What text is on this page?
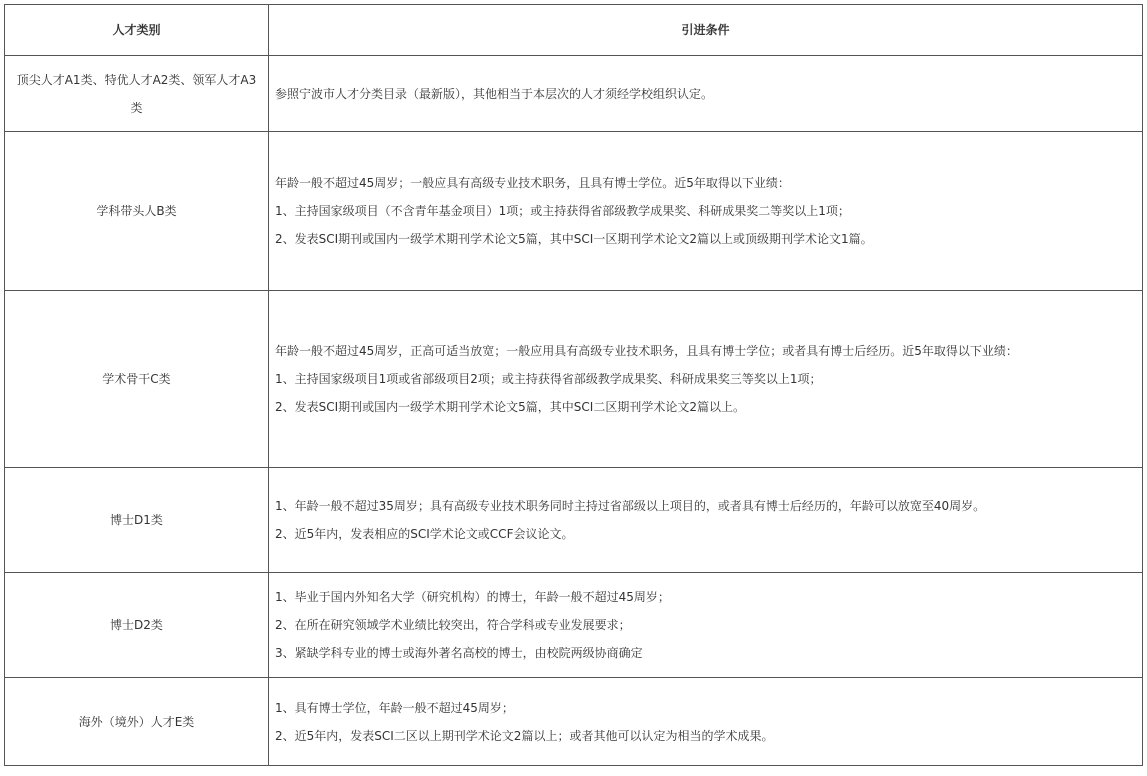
人才类别	引进条件
顶尖人才A1类、特优人才A2类、领军人才A3类	参照宁波市人才分类目录（最新版），其他相当于本层次的人才须经学校组织认定。

学科带头人B类	年龄一般不超过45周岁；一般应具有高级专业技术职务，且具有博士学位。近5年取得以下业绩：

1、主持国家级项目（不含青年基金项目）1项；或主持获得省部级教学成果奖、科研成果奖二等奖以上1项；

2、发表SCI期刊或国内一级学术期刊学术论文5篇，其中SCI一区期刊学术论文2篇以上或顶级期刊学术论文1篇。

学术骨干C类	年龄一般不超过45周岁，正高可适当放宽；一般应用具有高级专业技术职务，且具有博士学位；或者具有博士后经历。近5年取得以下业绩：

1、主持国家级项目1项或省部级项目2项；或主持获得省部级教学成果奖、科研成果奖三等奖以上1项；

2、发表SCI期刊或国内一级学术期刊学术论文5篇，其中SCI二区期刊学术论文2篇以上。

博士D1类	1、年龄一般不超过35周岁；具有高级专业技术职务同时主持过省部级以上项目的，或者具有博士后经历的，年龄可以放宽至40周岁。

2、近5年内，发表相应的SCI学术论文或CCF会议论文。

博士D2类	1、毕业于国内外知名大学（研究机构）的博士，年龄一般不超过45周岁；

2、在所在研究领域学术业绩比较突出，符合学科或专业发展要求；

3、紧缺学科专业的博士或海外著名高校的博士，由校院两级协商确定

海外（境外）人才E类	1、具有博士学位，年龄一般不超过45周岁；

2、近5年内，发表SCI二区以上期刊学术论文2篇以上；或者其他可以认定为相当的学术成果。
